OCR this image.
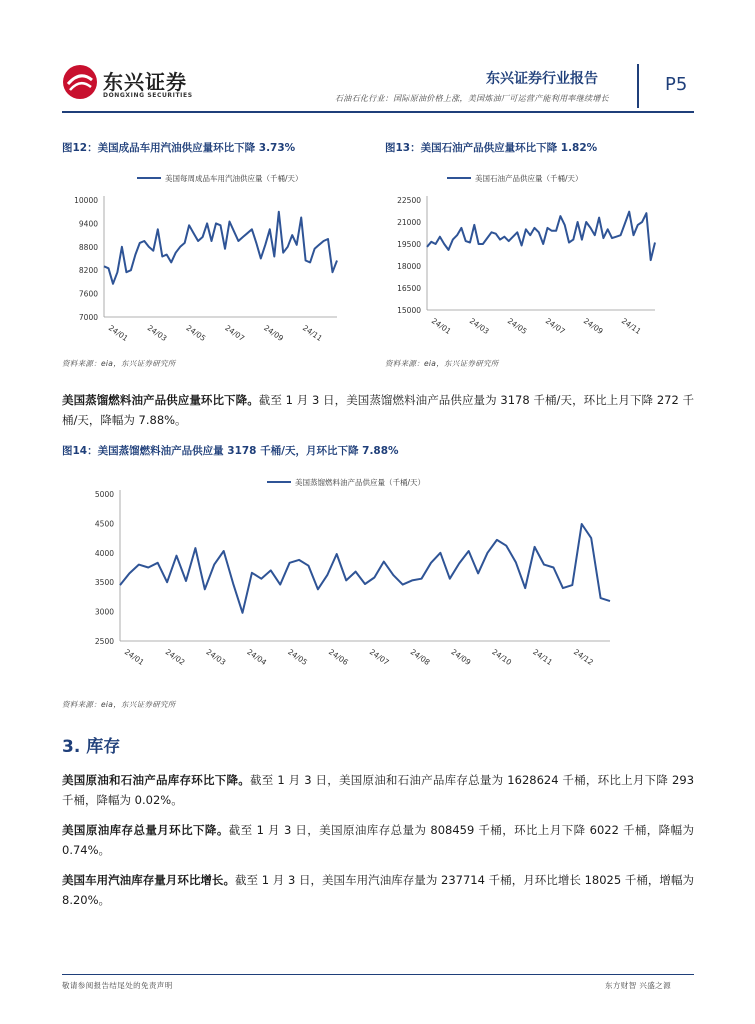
东兴证券
DONGXING SECURITIES
东兴证券行业报告
石油石化行业：国际原油价格上涨，美国炼油厂可运营产能利用率继续增长
P5
图12：美国成品车用汽油供应量环比下降 3.73%
美国每周成品车用汽油供应量（千桶/天）
7000
7600
8200
8800
9400
10000
24/01 24/03 24/05 24/07 24/09 24/11
资料来源：eia，东兴证券研究所
图13：美国石油产品供应量环比下降 1.82%
美国石油产品供应量（千桶/天）
15000
16500
18000
19500
21000
22500
24/01 24/03 24/05 24/07 24/09 24/11
资料来源：eia，东兴证券研究所
美国蒸馏燃料油产品供应量环比下降。截至 1 月 3 日，美国蒸馏燃料油产品供应量为 3178 千桶/天，环比上月下降 272 千桶/天，降幅为 7.88%。
图14：美国蒸馏燃料油产品供应量 3178 千桶/天，月环比下降 7.88%
美国蒸馏燃料油产品供应量（千桶/天）
2500
3000
3500
4000
4500
5000
24/01 24/02 24/03 24/04 24/05 24/06 24/07 24/08 24/09 24/10 24/11 24/12
资料来源：eia，东兴证券研究所
3. 库存
美国原油和石油产品库存环比下降。截至 1 月 3 日，美国原油和石油产品库存总量为 1628624 千桶，环比上月下降 293 千桶，降幅为 0.02%。
美国原油库存总量月环比下降。截至 1 月 3 日，美国原油库存总量为 808459 千桶，环比上月下降 6022 千桶，降幅为 0.74%。
美国车用汽油库存量月环比增长。截至 1 月 3 日，美国车用汽油库存量为 237714 千桶，月环比增长 18025 千桶，增幅为 8.20%。
敬请参阅报告结尾处的免责声明	东方财智 兴盛之源
